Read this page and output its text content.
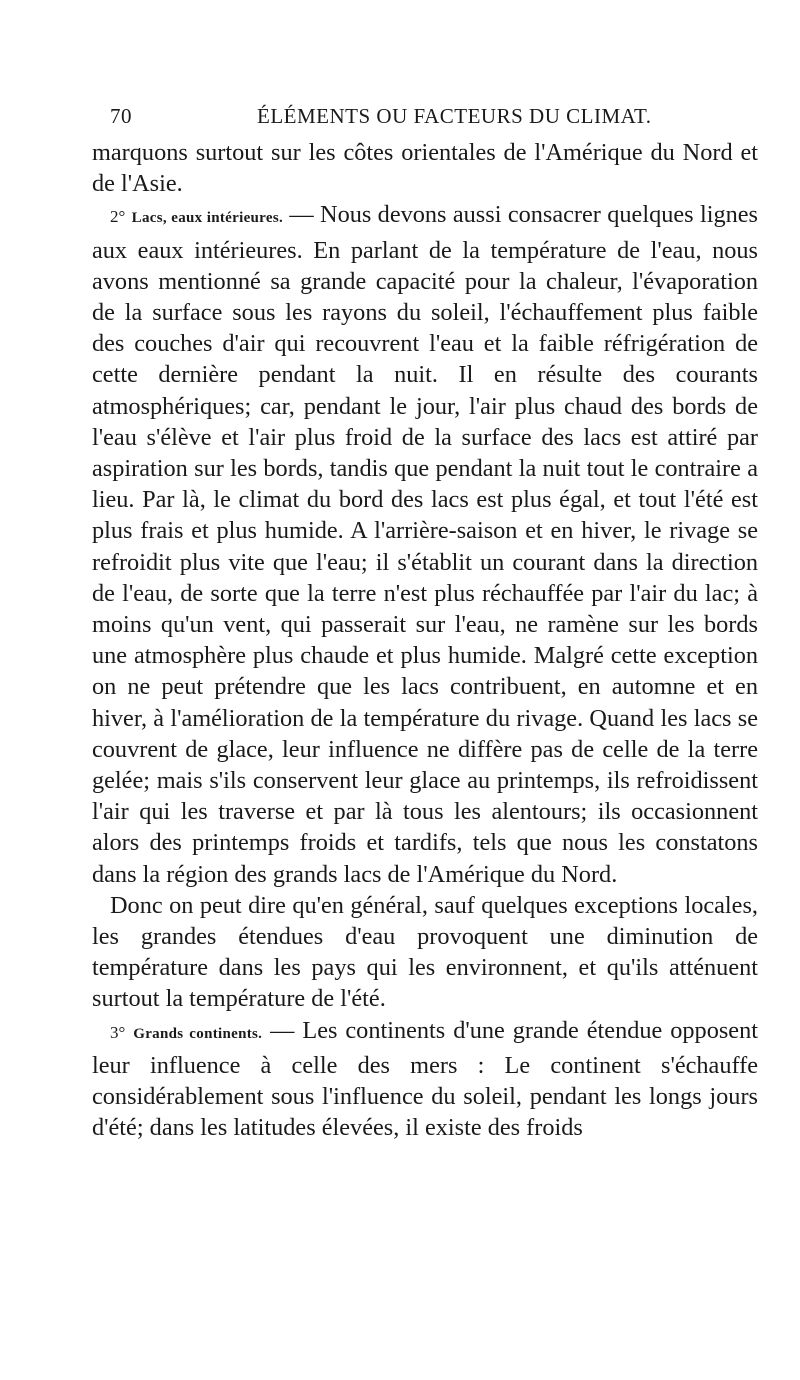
70	ÉLÉMENTS OU FACTEURS DU CLIMAT.

marquons surtout sur les côtes orientales de l'Amérique du Nord et de l'Asie.

2° Lacs, eaux intérieures. — Nous devons aussi consacrer quelques lignes aux eaux intérieures. En parlant de la température de l'eau, nous avons mentionné sa grande capacité pour la chaleur, l'évaporation de la surface sous les rayons du soleil, l'échauffement plus faible des couches d'air qui recouvrent l'eau et la faible réfrigération de cette dernière pendant la nuit. Il en résulte des courants atmosphériques; car, pendant le jour, l'air plus chaud des bords de l'eau s'élève et l'air plus froid de la surface des lacs est attiré par aspiration sur les bords, tandis que pendant la nuit tout le contraire a lieu. Par là, le climat du bord des lacs est plus égal, et tout l'été est plus frais et plus humide. A l'arrière-saison et en hiver, le rivage se refroidit plus vite que l'eau; il s'établit un courant dans la direction de l'eau, de sorte que la terre n'est plus réchauffée par l'air du lac; à moins qu'un vent, qui passerait sur l'eau, ne ramène sur les bords une atmosphère plus chaude et plus humide. Malgré cette exception on ne peut prétendre que les lacs contribuent, en automne et en hiver, à l'amélioration de la température du rivage. Quand les lacs se couvrent de glace, leur influence ne diffère pas de celle de la terre gelée; mais s'ils conservent leur glace au printemps, ils refroidissent l'air qui les traverse et par là tous les alentours; ils occasionnent alors des printemps froids et tardifs, tels que nous les constatons dans la région des grands lacs de l'Amérique du Nord.

Donc on peut dire qu'en général, sauf quelques exceptions locales, les grandes étendues d'eau provoquent une diminution de température dans les pays qui les environnent, et qu'ils atténuent surtout la température de l'été.

3° Grands continents. — Les continents d'une grande étendue opposent leur influence à celle des mers : Le continent s'échauffe considérablement sous l'influence du soleil, pendant les longs jours d'été; dans les latitudes élevées, il existe des froids
